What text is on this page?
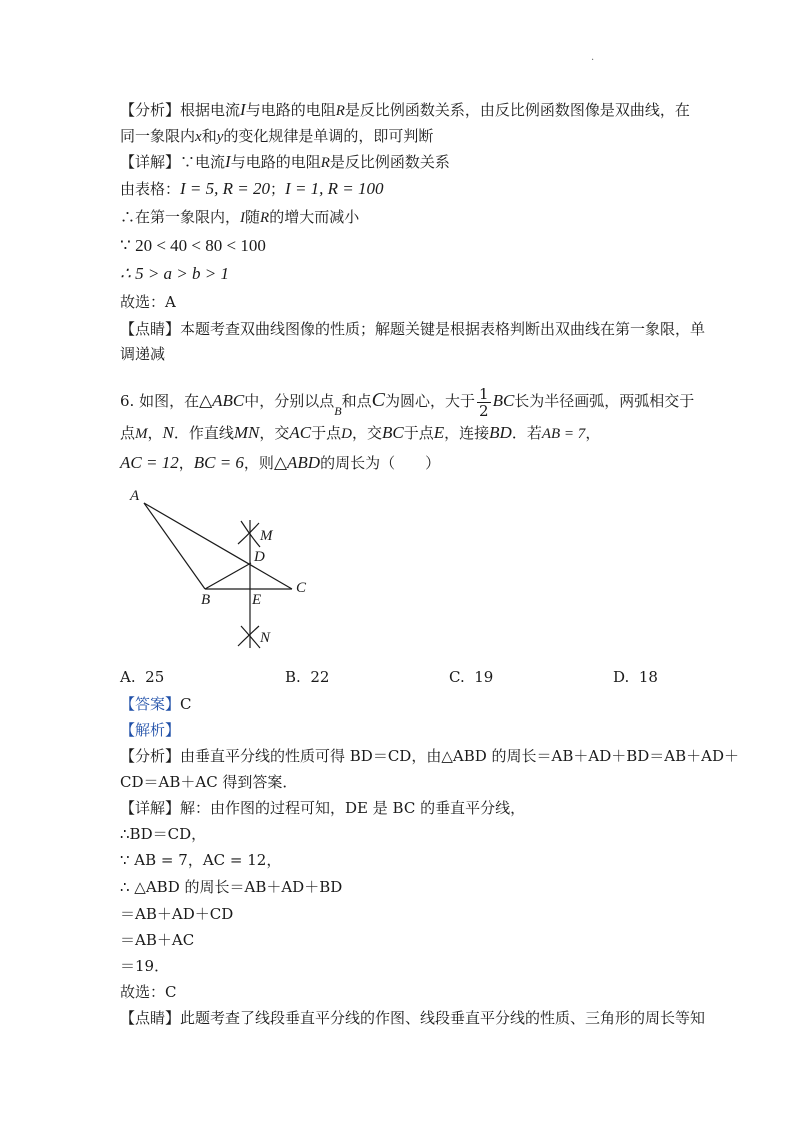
.
【分析】根据电流I与电路的电阻R是反比例函数关系，由反比例函数图像是双曲线，在
同一象限内x和y的变化规律是单调的，即可判断
【详解】∵电流I与电路的电阻R是反比例函数关系
由表格：I = 5, R = 20；I = 1, R = 100
∴在第一象限内，I随R的增大而减小
∵ 20 < 40 < 80 < 100
∴ 5 > a > b > 1
故选：A
【点睛】本题考查双曲线图像的性质；解题关键是根据表格判断出双曲线在第一象限，单
调递减
6. 如图，在△ABC中，分别以点$_B$和点C为圆心，大于 $\frac{1}{2}$ BC长为半径画弧，两弧相交于
点M，N．作直线MN，交AC于点D，交BC于点E，连接BD．若AB = 7，
AC = 12，BC = 6，则△ABD的周长为（　　）
A
M
D
B	E
C
N
A. 25	B. 22	C. 19	D. 18
【答案】C
【解析】
【分析】由垂直平分线的性质可得 BD＝CD，由△ABD 的周长＝AB＋AD＋BD＝AB＋AD＋
CD＝AB＋AC 得到答案．
【详解】解：由作图的过程可知，DE 是 BC 的垂直平分线，
∴BD＝CD，
∵ AB = 7，AC = 12，
∴ △ABD 的周长＝AB＋AD＋BD
＝AB＋AD＋CD
＝AB＋AC
＝19．
故选：C
【点睛】此题考查了线段垂直平分线的作图、线段垂直平分线的性质、三角形的周长等知
